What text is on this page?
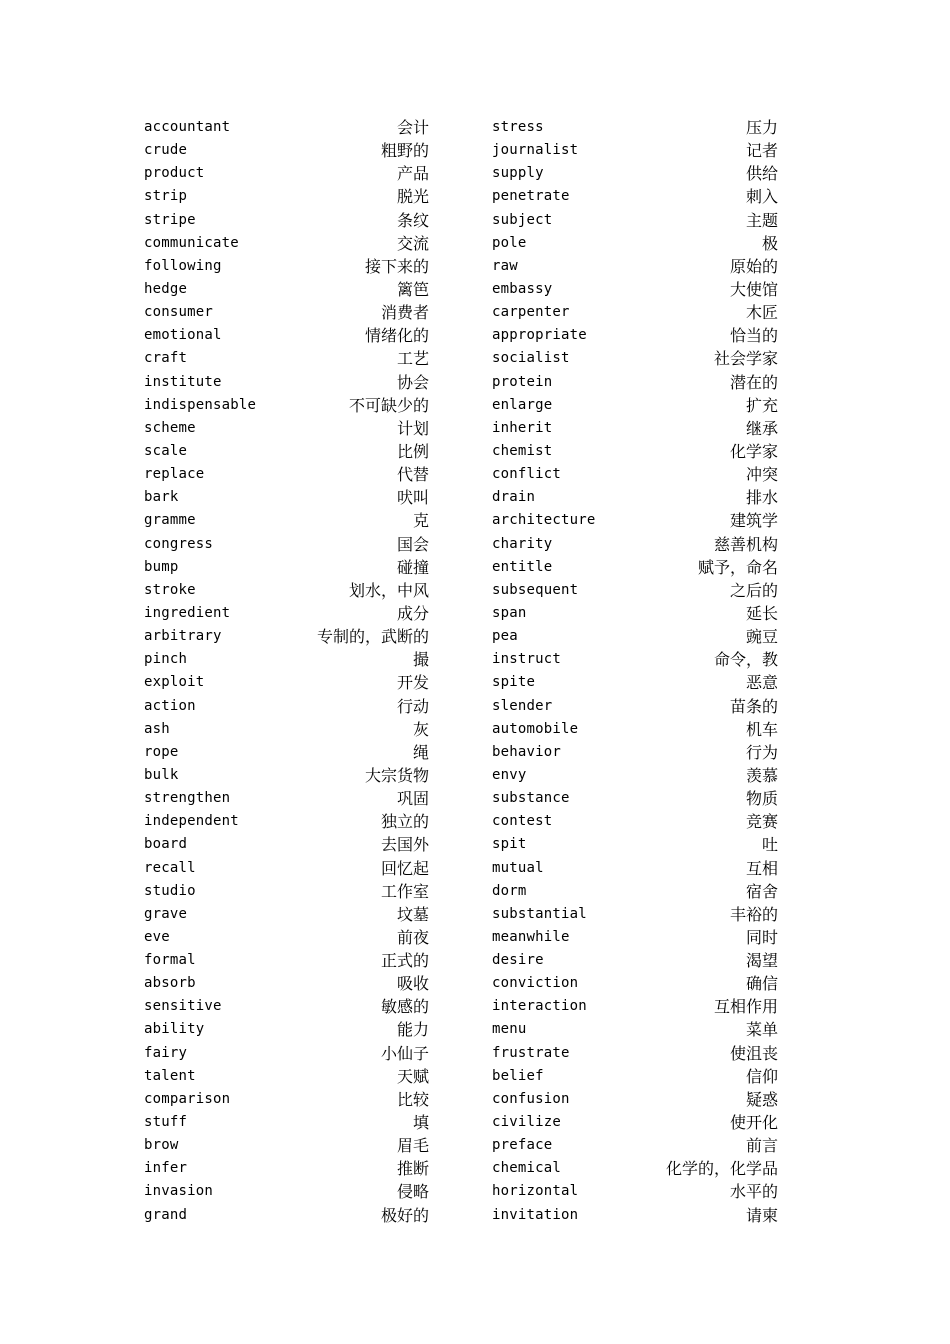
accountant	会计
crude	粗野的
product	产品
strip	脱光
stripe	条纹
communicate	交流
following	接下来的
hedge	篱笆
consumer	消费者
emotional	情绪化的
craft	工艺
institute	协会
indispensable	不可缺少的
scheme	计划
scale	比例
replace	代替
bark	吠叫
gramme	克
congress	国会
bump	碰撞
stroke	划水，中风
ingredient	成分
arbitrary	专制的，武断的
pinch	撮
exploit	开发
action	行动
ash	灰
rope	绳
bulk	大宗货物
strengthen	巩固
independent	独立的
board	去国外
recall	回忆起
studio	工作室
grave	坟墓
eve	前夜
formal	正式的
absorb	吸收
sensitive	敏感的
ability	能力
fairy	小仙子
talent	天赋
comparison	比较
stuff	填
brow	眉毛
infer	推断
invasion	侵略
grand	极好的
stress	压力
journalist	记者
supply	供给
penetrate	刺入
subject	主题
pole	极
raw	原始的
embassy	大使馆
carpenter	木匠
appropriate	恰当的
socialist	社会学家
protein	潜在的
enlarge	扩充
inherit	继承
chemist	化学家
conflict	冲突
drain	排水
architecture	建筑学
charity	慈善机构
entitle	赋予，命名
subsequent	之后的
span	延长
pea	豌豆
instruct	命令，教
spite	恶意
slender	苗条的
automobile	机车
behavior	行为
envy	羡慕
substance	物质
contest	竞赛
spit	吐
mutual	互相
dorm	宿舍
substantial	丰裕的
meanwhile	同时
desire	渴望
conviction	确信
interaction	互相作用
menu	菜单
frustrate	使沮丧
belief	信仰
confusion	疑惑
civilize	使开化
preface	前言
chemical	化学的，化学品
horizontal	水平的
invitation	请柬
